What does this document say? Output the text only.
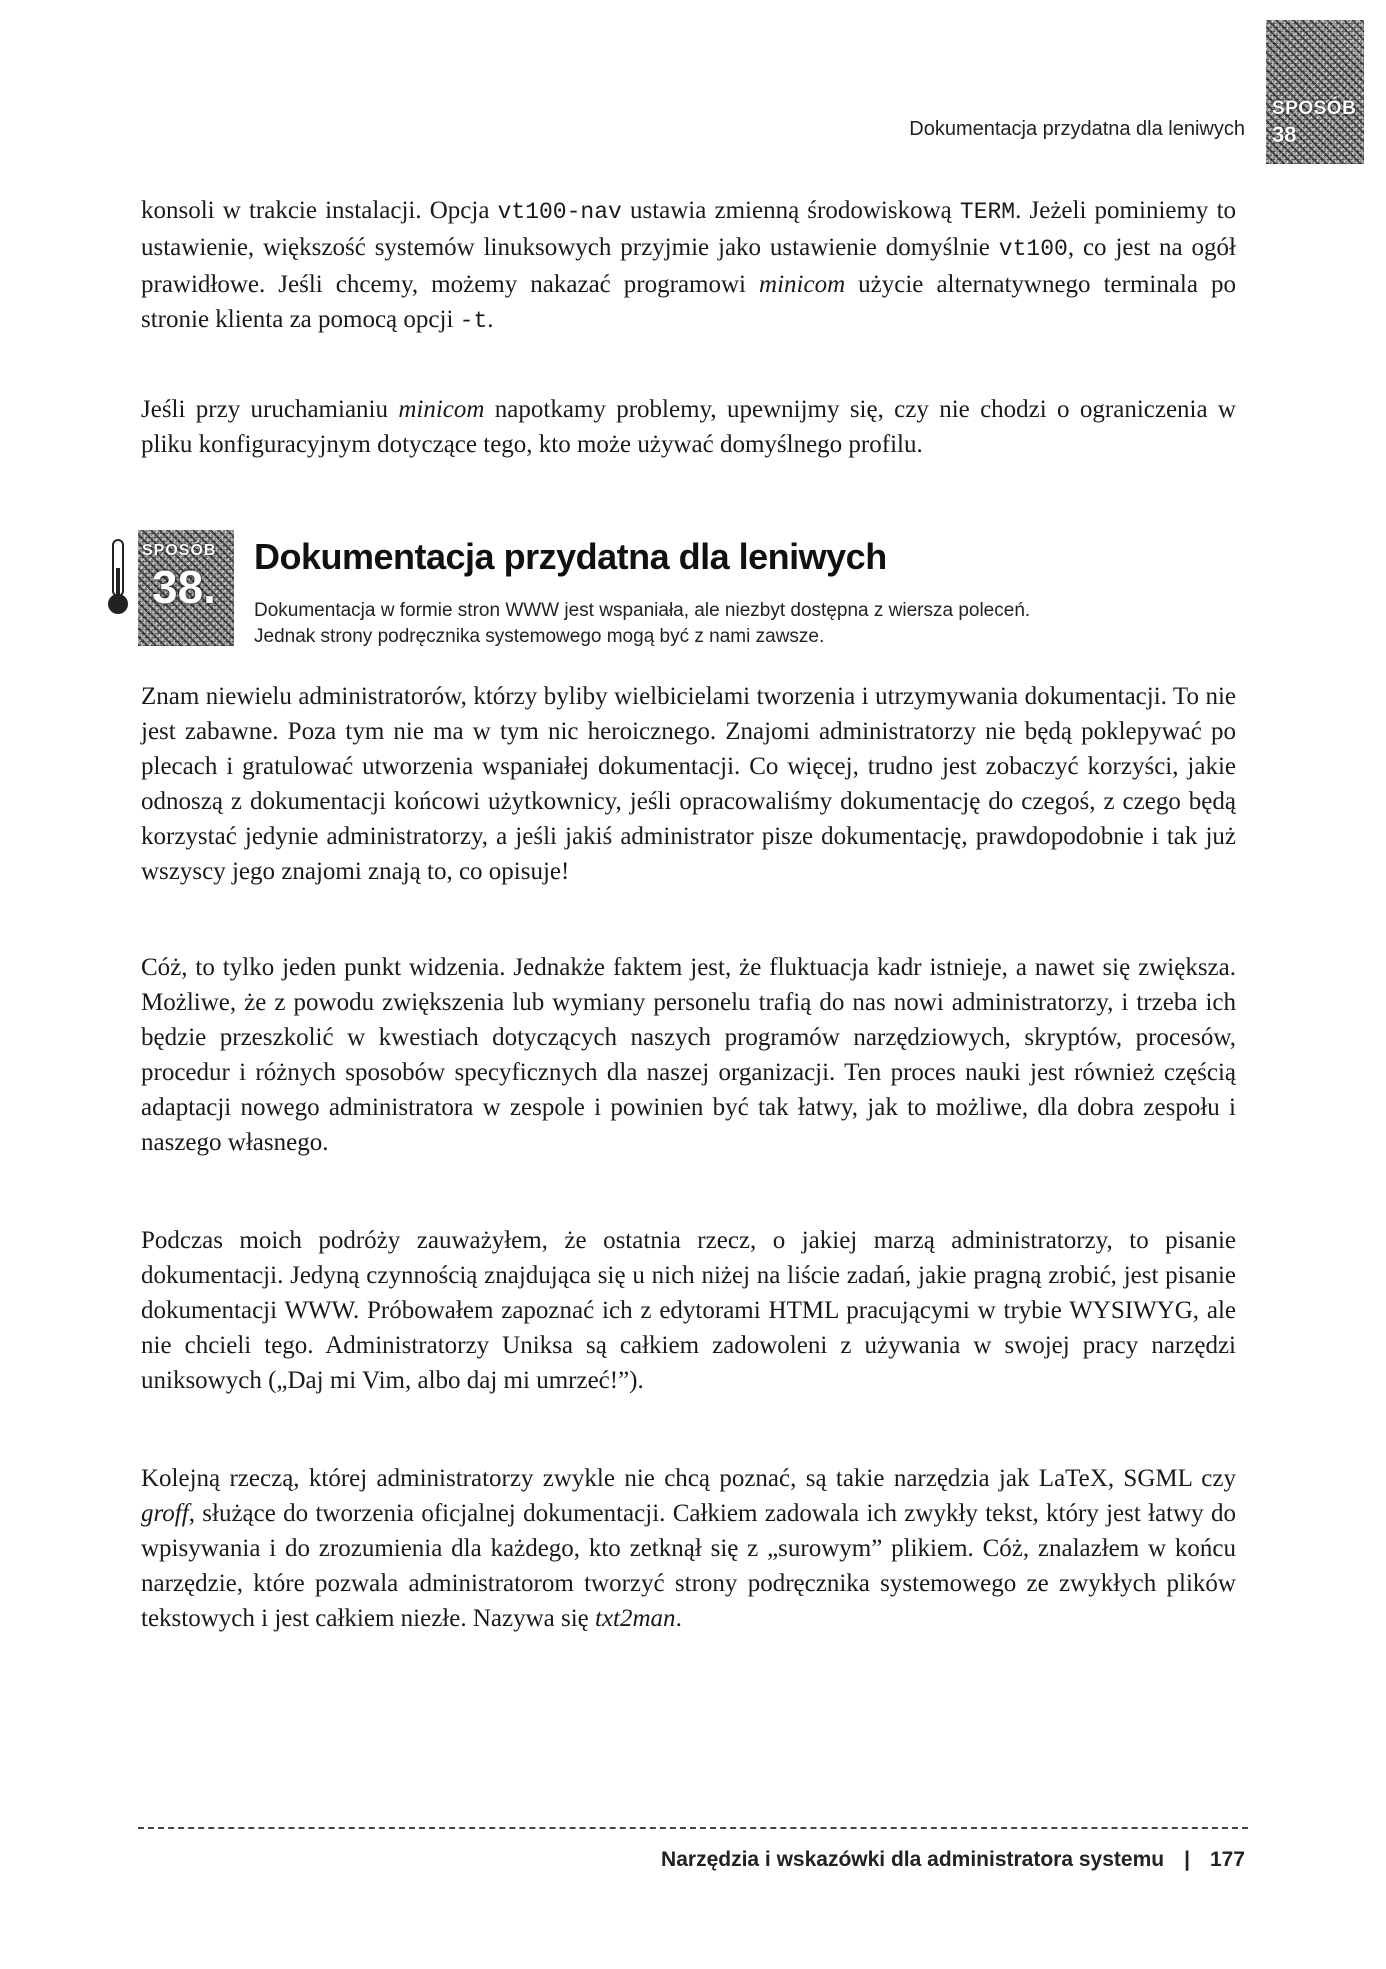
SPOSÓB
38
Dokumentacja przydatna dla leniwych

konsoli w trakcie instalacji. Opcja vt100-nav ustawia zmienną środowiskową TERM. Jeżeli pominiemy to ustawienie, większość systemów linuksowych przyjmie jako ustawienie domyślnie vt100, co jest na ogół prawidłowe. Jeśli chcemy, możemy nakazać programowi minicom użycie alternatywnego terminala po stronie klienta za pomocą opcji -t.

Jeśli przy uruchamianiu minicom napotkamy problemy, upewnijmy się, czy nie chodzi o ograniczenia w pliku konfiguracyjnym dotyczące tego, kto może używać domyślnego profilu.

SPOSÓB
38.
Dokumentacja przydatna dla leniwych
Dokumentacja w formie stron WWW jest wspaniała, ale niezbyt dostępna z wiersza poleceń.
Jednak strony podręcznika systemowego mogą być z nami zawsze.

Znam niewielu administratorów, którzy byliby wielbicielami tworzenia i utrzymywania dokumentacji. To nie jest zabawne. Poza tym nie ma w tym nic heroicznego. Znajomi administratorzy nie będą poklepywać po plecach i gratulować utworzenia wspaniałej dokumentacji. Co więcej, trudno jest zobaczyć korzyści, jakie odnoszą z dokumentacji końcowi użytkownicy, jeśli opracowaliśmy dokumentację do czegoś, z czego będą korzystać jedynie administratorzy, a jeśli jakiś administrator pisze dokumentację, prawdopodobnie i tak już wszyscy jego znajomi znają to, co opisuje!

Cóż, to tylko jeden punkt widzenia. Jednakże faktem jest, że fluktuacja kadr istnieje, a nawet się zwiększa. Możliwe, że z powodu zwiększenia lub wymiany personelu trafią do nas nowi administratorzy, i trzeba ich będzie przeszkolić w kwestiach dotyczących naszych programów narzędziowych, skryptów, procesów, procedur i różnych sposobów specyficznych dla naszej organizacji. Ten proces nauki jest również częścią adaptacji nowego administratora w zespole i powinien być tak łatwy, jak to możliwe, dla dobra zespołu i naszego własnego.

Podczas moich podróży zauważyłem, że ostatnia rzecz, o jakiej marzą administratorzy, to pisanie dokumentacji. Jedyną czynnością znajdująca się u nich niżej na liście zadań, jakie pragną zrobić, jest pisanie dokumentacji WWW. Próbowałem zapoznać ich z edytorami HTML pracującymi w trybie WYSIWYG, ale nie chcieli tego. Administratorzy Uniksa są całkiem zadowoleni z używania w swojej pracy narzędzi uniksowych („Daj mi Vim, albo daj mi umrzeć!”).

Kolejną rzeczą, której administratorzy zwykle nie chcą poznać, są takie narzędzia jak LaTeX, SGML czy groff, służące do tworzenia oficjalnej dokumentacji. Całkiem zadowala ich zwykły tekst, który jest łatwy do wpisywania i do zrozumienia dla każdego, kto zetknął się z „surowym” plikiem. Cóż, znalazłem w końcu narzędzie, które pozwala administratorom tworzyć strony podręcznika systemowego ze zwykłych plików tekstowych i jest całkiem niezłe. Nazywa się txt2man.

Narzędzia i wskazówki dla administratora systemu | 177
